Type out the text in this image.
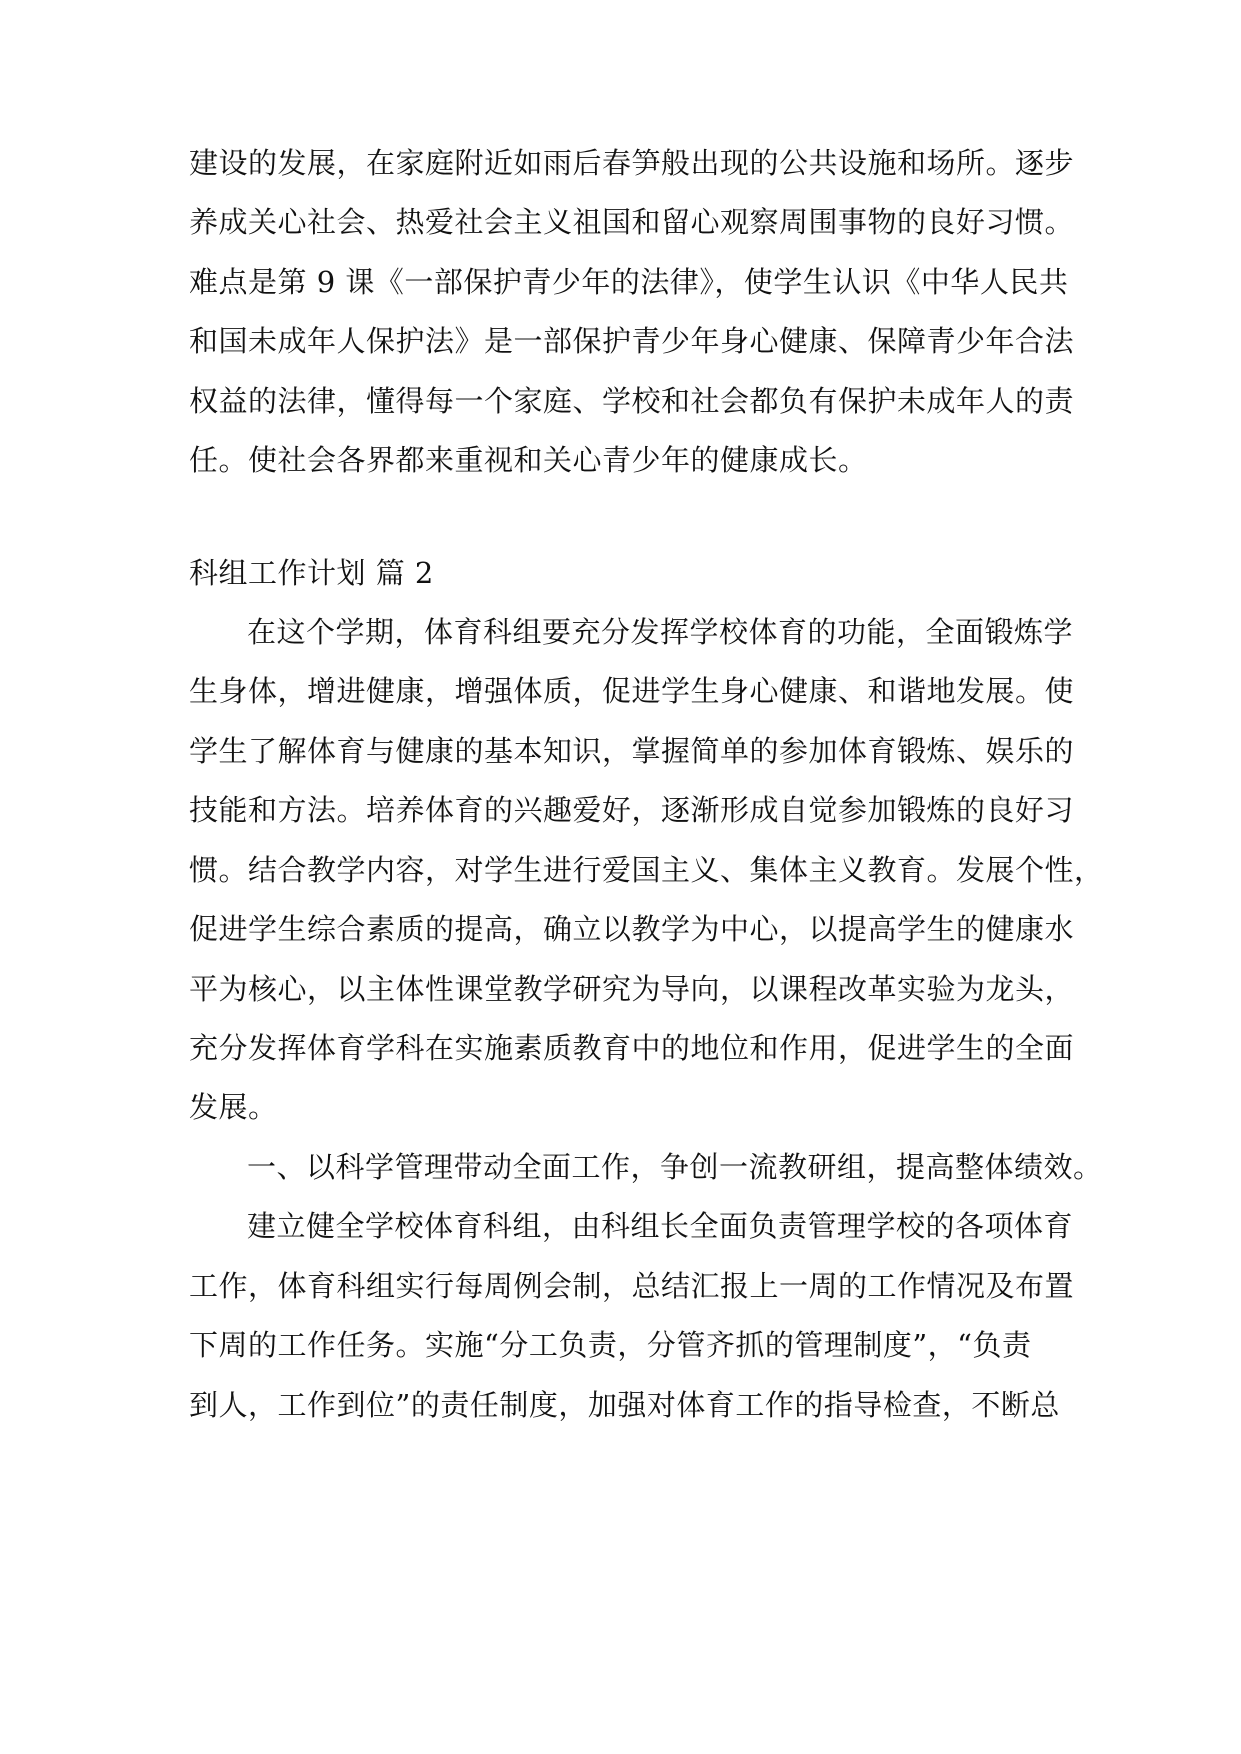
建设的发展，在家庭附近如雨后春笋般出现的公共设施和场所。逐步
养成关心社会、热爱社会主义祖国和留心观察周围事物的良好习惯。
难点是第 9 课《一部保护青少年的法律》，使学生认识《中华人民共
和国未成年人保护法》是一部保护青少年身心健康、保障青少年合法
权益的法律，懂得每一个家庭、学校和社会都负有保护未成年人的责
任。使社会各界都来重视和关心青少年的健康成长。
科组工作计划 篇 2
在这个学期，体育科组要充分发挥学校体育的功能，全面锻炼学
生身体，增进健康，增强体质，促进学生身心健康、和谐地发展。使
学生了解体育与健康的基本知识，掌握简单的参加体育锻炼、娱乐的
技能和方法。培养体育的兴趣爱好，逐渐形成自觉参加锻炼的良好习
惯。结合教学内容，对学生进行爱国主义、集体主义教育。发展个性，
促进学生综合素质的提高，确立以教学为中心，以提高学生的健康水
平为核心，以主体性课堂教学研究为导向，以课程改革实验为龙头，
充分发挥体育学科在实施素质教育中的地位和作用，促进学生的全面
发展。
一、以科学管理带动全面工作，争创一流教研组，提高整体绩效。
建立健全学校体育科组，由科组长全面负责管理学校的各项体育
工作，体育科组实行每周例会制，总结汇报上一周的工作情况及布置
下周的工作任务。实施“分工负责，分管齐抓的管理制度”，“负责
到人，工作到位”的责任制度，加强对体育工作的指导检查，不断总
